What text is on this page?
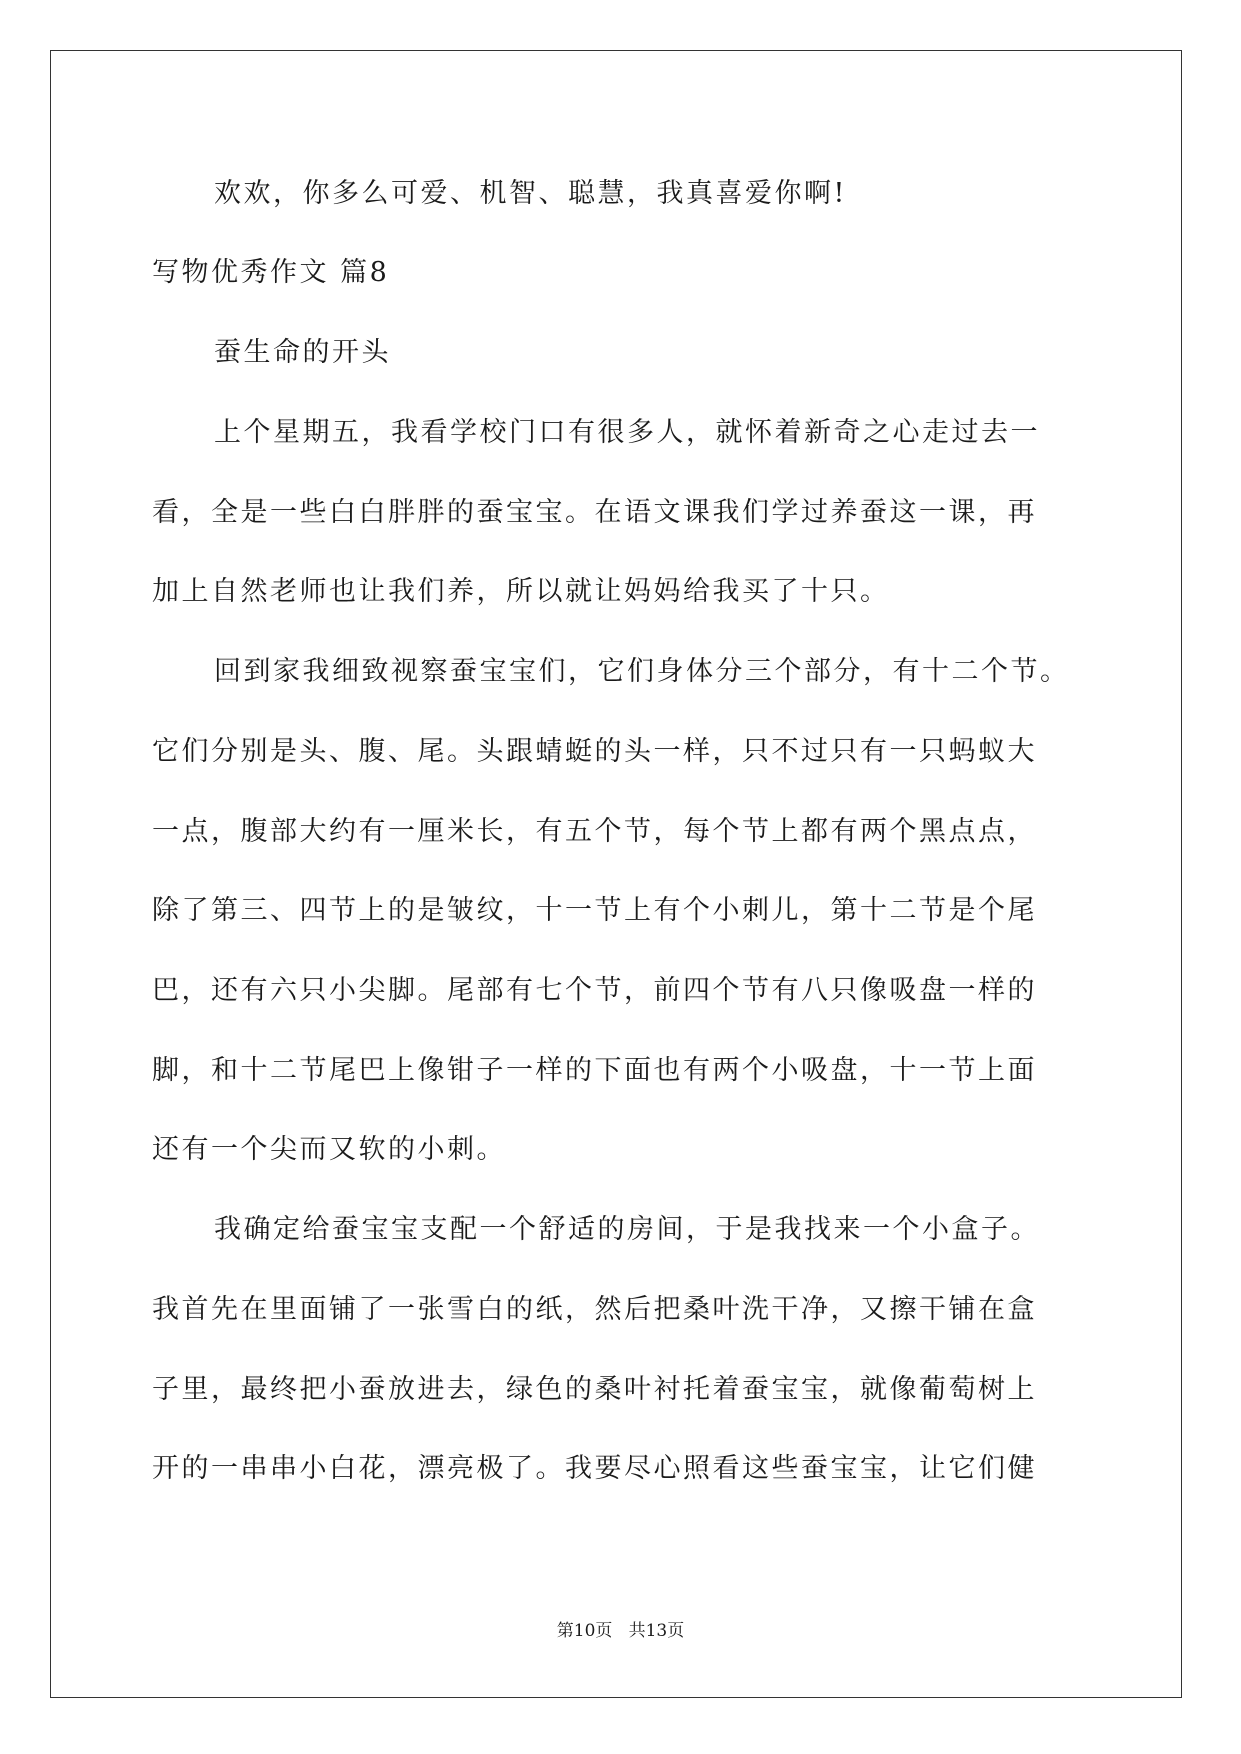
欢欢，你多么可爱、机智、聪慧，我真喜爱你啊!
写物优秀作文 篇8
蚕生命的开头
上个星期五，我看学校门口有很多人，就怀着新奇之心走过去一
看，全是一些白白胖胖的蚕宝宝。在语文课我们学过养蚕这一课，再
加上自然老师也让我们养，所以就让妈妈给我买了十只。
回到家我细致视察蚕宝宝们，它们身体分三个部分，有十二个节。
它们分别是头、腹、尾。头跟蜻蜓的头一样，只不过只有一只蚂蚁大
一点，腹部大约有一厘米长，有五个节，每个节上都有两个黑点点，
除了第三、四节上的是皱纹，十一节上有个小刺儿，第十二节是个尾
巴，还有六只小尖脚。尾部有七个节，前四个节有八只像吸盘一样的
脚，和十二节尾巴上像钳子一样的下面也有两个小吸盘，十一节上面
还有一个尖而又软的小刺。
我确定给蚕宝宝支配一个舒适的房间，于是我找来一个小盒子。
我首先在里面铺了一张雪白的纸，然后把桑叶洗干净，又擦干铺在盒
子里，最终把小蚕放进去，绿色的桑叶衬托着蚕宝宝，就像葡萄树上
开的一串串小白花，漂亮极了。我要尽心照看这些蚕宝宝，让它们健
第10页 共13页
